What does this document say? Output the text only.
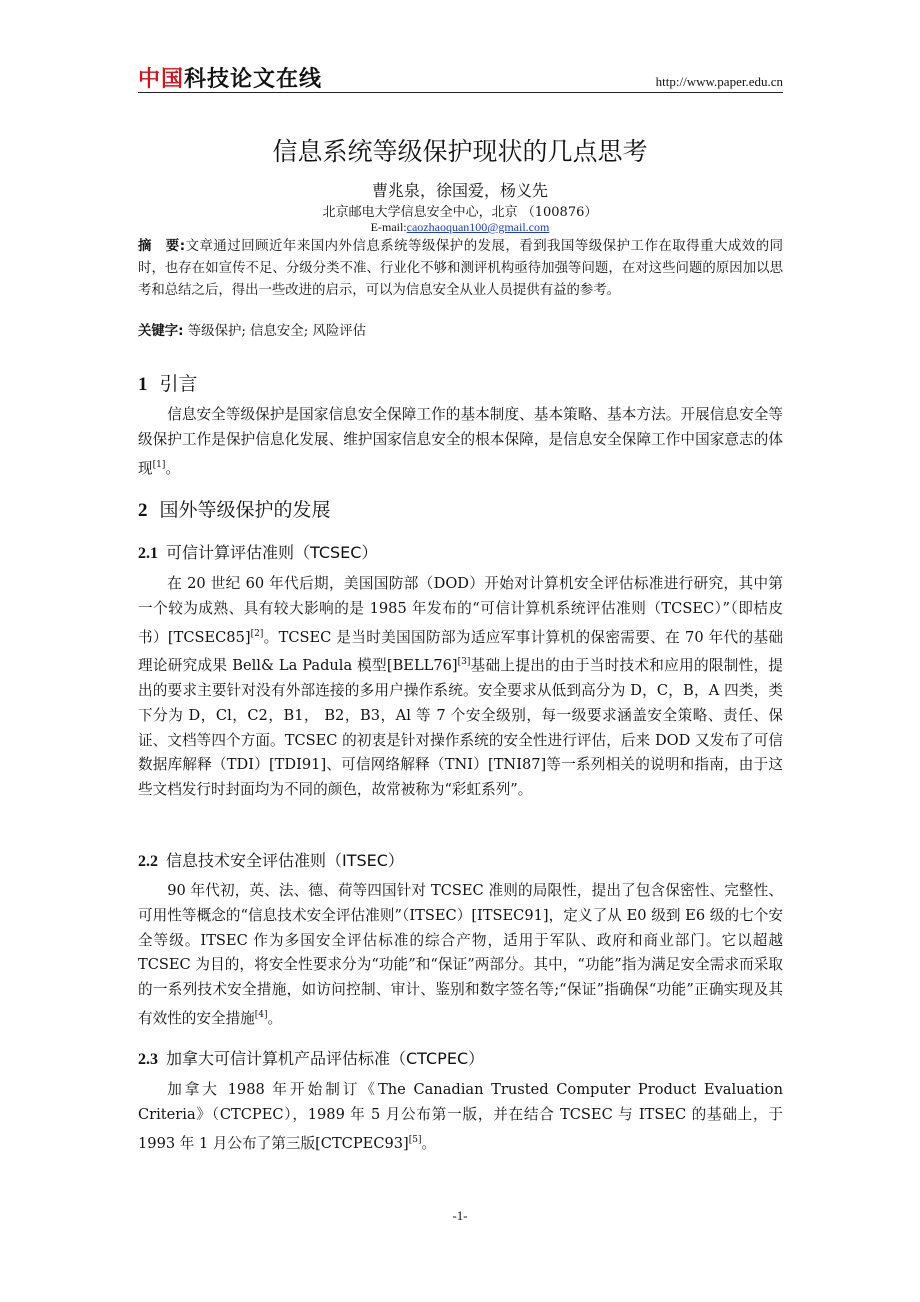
中国科技论文在线	http://www.paper.edu.cn
信息系统等级保护现状的几点思考
曹兆泉，徐国爱，杨义先
北京邮电大学信息安全中心，北京 （100876）
E-mail:caozhaoquan100@gmail.com
摘　要:文章通过回顾近年来国内外信息系统等级保护的发展，看到我国等级保护工作在取得重大成效的同时，也存在如宣传不足、分级分类不准、行业化不够和测评机构亟待加强等问题，在对这些问题的原因加以思考和总结之后，得出一些改进的启示，可以为信息安全从业人员提供有益的参考。
关键字: 等级保护; 信息安全; 风险评估
1 引言
信息安全等级保护是国家信息安全保障工作的基本制度、基本策略、基本方法。开展信息安全等级保护工作是保护信息化发展、维护国家信息安全的根本保障，是信息安全保障工作中国家意志的体现[1]。
2 国外等级保护的发展
2.1 可信计算评估准则（TCSEC）
在 20 世纪 60 年代后期，美国国防部（DOD）开始对计算机安全评估标准进行研究，其中第一个较为成熟、具有较大影响的是 1985 年发布的“可信计算机系统评估准则（TCSEC）”（即桔皮书）[TCSEC85][2]。TCSEC 是当时美国国防部为适应军事计算机的保密需要、在 70 年代的基础理论研究成果 Bell& La Padula 模型[BELL76][3]基础上提出的由于当时技术和应用的限制性，提出的要求主要针对没有外部连接的多用户操作系统。安全要求从低到高分为 D，C，B，A 四类，类下分为 D，Cl，C2，B1， B2，B3，Al 等 7 个安全级别，每一级要求涵盖安全策略、责任、保证、文档等四个方面。TCSEC 的初衷是针对操作系统的安全性进行评估，后来 DOD 又发布了可信数据库解释（TDI）[TDI91]、可信网络解释（TNI）[TNI87]等一系列相关的说明和指南，由于这些文档发行时封面均为不同的颜色，故常被称为“彩虹系列”。
2.2 信息技术安全评估准则（ITSEC）
90 年代初，英、法、德、荷等四国针对 TCSEC 准则的局限性，提出了包含保密性、完整性、可用性等概念的“信息技术安全评估准则”（ITSEC）[ITSEC91]，定义了从 E0 级到 E6 级的七个安全等级。ITSEC 作为多国安全评估标准的综合产物，适用于军队、政府和商业部门。它以超越 TCSEC 为目的，将安全性要求分为“功能”和“保证”两部分。其中，“功能”指为满足安全需求而采取的一系列技术安全措施，如访问控制、审计、鉴别和数字签名等;“保证”指确保“功能”正确实现及其有效性的安全措施[4]。
2.3 加拿大可信计算机产品评估标准（CTCPEC）
加拿大 1988 年开始制订《The Canadian Trusted Computer Product Evaluation Criteria》（CTCPEC），1989 年 5 月公布第一版，并在结合 TCSEC 与 ITSEC 的基础上，于 1993 年 1 月公布了第三版[CTCPEC93][5]。
-1-
